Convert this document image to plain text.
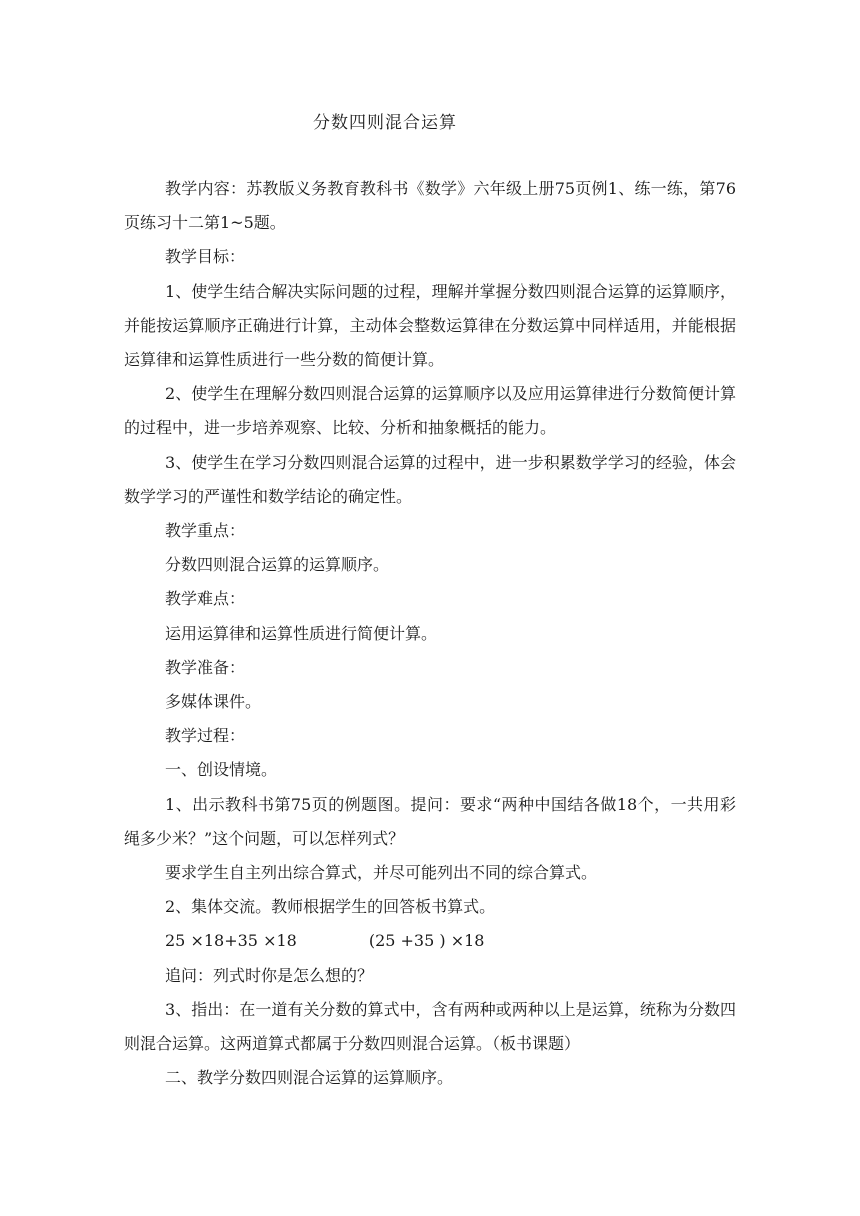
分数四则混合运算

教学内容：苏教版义务教育教科书《数学》六年级上册75页例1、练一练，第76页练习十二第1~5题。

教学目标：

1、使学生结合解决实际问题的过程，理解并掌握分数四则混合运算的运算顺序，并能按运算顺序正确进行计算，主动体会整数运算律在分数运算中同样适用，并能根据运算律和运算性质进行一些分数的简便计算。

2、使学生在理解分数四则混合运算的运算顺序以及应用运算律进行分数简便计算的过程中，进一步培养观察、比较、分析和抽象概括的能力。

3、使学生在学习分数四则混合运算的过程中，进一步积累数学学习的经验，体会数学学习的严谨性和数学结论的确定性。

教学重点：

分数四则混合运算的运算顺序。

教学难点：

运用运算律和运算性质进行简便计算。

教学准备：

多媒体课件。

教学过程：

一、创设情境。

1、出示教科书第75页的例题图。提问：要求“两种中国结各做18个，一共用彩绳多少米？”这个问题，可以怎样列式？

要求学生自主列出综合算式，并尽可能列出不同的综合算式。

2、集体交流。教师根据学生的回答板书算式。

25 ×18+35 ×18	(25 +35 ) ×18

追问：列式时你是怎么想的？

3、指出：在一道有关分数的算式中，含有两种或两种以上是运算，统称为分数四则混合运算。这两道算式都属于分数四则混合运算。（板书课题）

二、教学分数四则混合运算的运算顺序。
